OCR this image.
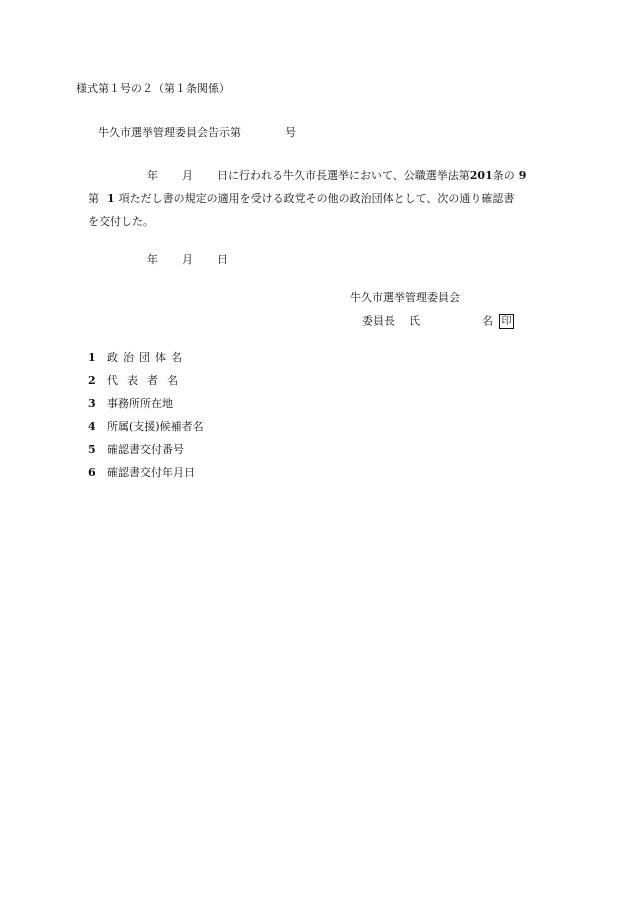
様式第１号の２（第１条関係）
牛久市選挙管理委員会告示第	号
年 月 日に行われる牛久市長選挙において、公職選挙法第201条の 9
第 1 項ただし書の規定の適用を受ける政党その他の政治団体として、次の通り確認書
を交付した。
年 月 日
牛久市選挙管理委員会
委員長 氏	名 印
1 政治団体名
2 代表者名
3 事務所所在地
4 所属(支援)候補者名
5 確認書交付番号
6 確認書交付年月日
